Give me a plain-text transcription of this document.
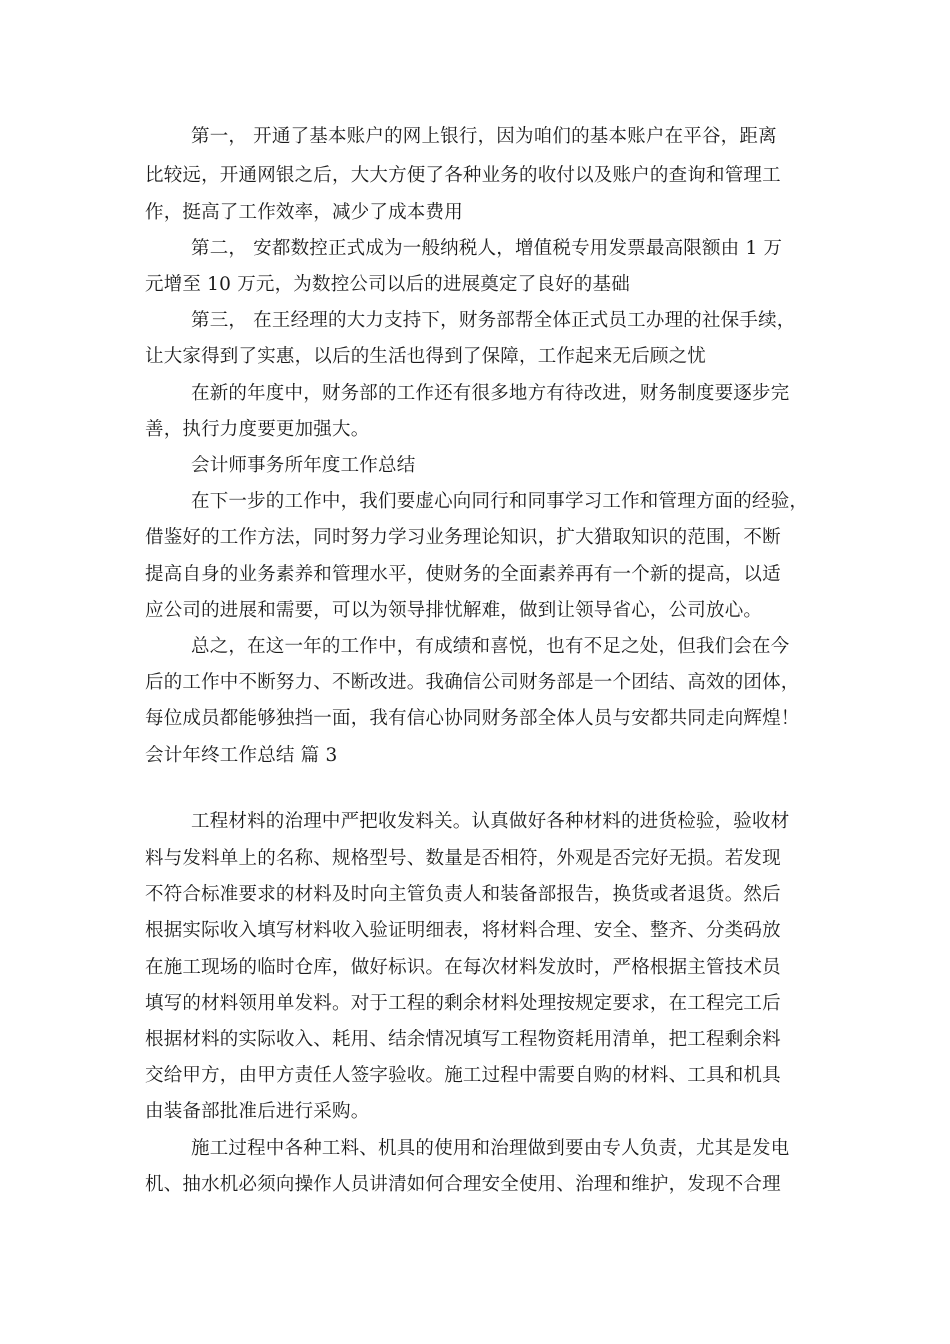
第一， 开通了基本账户的网上银行，因为咱们的基本账户在平谷，距离
比较远，开通网银之后，大大方便了各种业务的收付以及账户的查询和管理工
作，挺高了工作效率，减少了成本费用
第二， 安都数控正式成为一般纳税人，增值税专用发票最高限额由 1 万
元增至 10 万元，为数控公司以后的进展奠定了良好的基础
第三， 在王经理的大力支持下，财务部帮全体正式员工办理的社保手续，
让大家得到了实惠，以后的生活也得到了保障，工作起来无后顾之忧
在新的年度中，财务部的工作还有很多地方有待改进，财务制度要逐步完
善，执行力度要更加强大。
会计师事务所年度工作总结
在下一步的工作中，我们要虚心向同行和同事学习工作和管理方面的经验，
借鉴好的工作方法，同时努力学习业务理论知识，扩大猎取知识的范围，不断
提高自身的业务素养和管理水平，使财务的全面素养再有一个新的提高，以适
应公司的进展和需要，可以为领导排忧解难，做到让领导省心，公司放心。
总之，在这一年的工作中，有成绩和喜悦，也有不足之处，但我们会在今
后的工作中不断努力、不断改进。我确信公司财务部是一个团结、高效的团体，
每位成员都能够独挡一面，我有信心协同财务部全体人员与安都共同走向辉煌！
会计年终工作总结 篇 3
工程材料的治理中严把收发料关。认真做好各种材料的进货检验，验收材
料与发料单上的名称、规格型号、数量是否相符，外观是否完好无损。若发现
不符合标准要求的材料及时向主管负责人和装备部报告，换货或者退货。然后
根据实际收入填写材料收入验证明细表，将材料合理、安全、整齐、分类码放
在施工现场的临时仓库，做好标识。在每次材料发放时，严格根据主管技术员
填写的材料领用单发料。对于工程的剩余材料处理按规定要求，在工程完工后
根据材料的实际收入、耗用、结余情况填写工程物资耗用清单，把工程剩余料
交给甲方，由甲方责任人签字验收。施工过程中需要自购的材料、工具和机具
由装备部批准后进行采购。
施工过程中各种工料、机具的使用和治理做到要由专人负责，尤其是发电
机、抽水机必须向操作人员讲清如何合理安全使用、治理和维护，发现不合理
